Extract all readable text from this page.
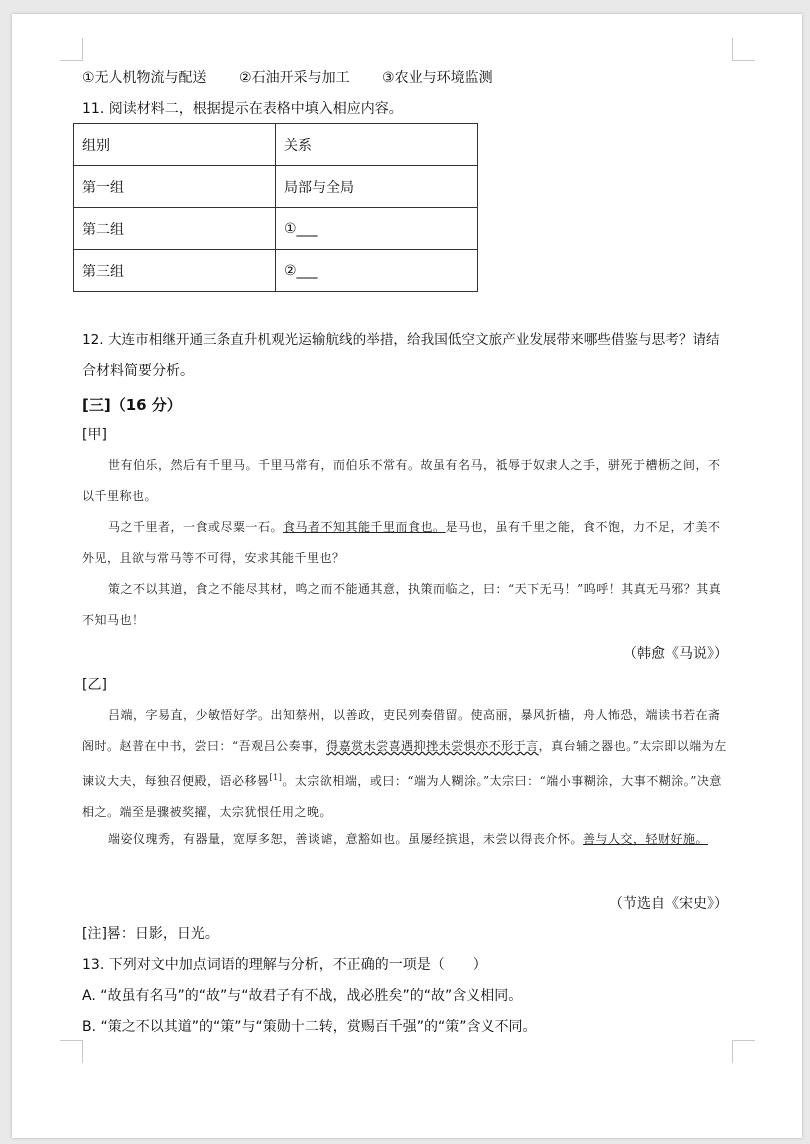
①无人机物流与配送 ②石油开采与加工 ③农业与环境监测
11. 阅读材料二，根据提示在表格中填入相应内容。
组别	关系
第一组	局部与全局
第二组	①___
第三组	②___
12. 大连市相继开通三条直升机观光运输航线的举措，给我国低空文旅产业发展带来哪些借鉴与思考？请结
合材料简要分析。
[三]（16 分）
[甲]
世有伯乐，然后有千里马。千里马常有，而伯乐不常有。故虽有名马，祗辱于奴隶人之手，骈死于槽枥之间，不以千里称也。
马之千里者，一食或尽粟一石。食马者不知其能千里而食也。是马也，虽有千里之能，食不饱，力不足，才美不外见，且欲与常马等不可得，安求其能千里也？
策之不以其道，食之不能尽其材，鸣之而不能通其意，执策而临之，曰：“天下无马！”呜呼！其真无马邪？其真不知马也！
（韩愈《马说》）
[乙]
吕端，字易直，少敏悟好学。出知蔡州，以善政，吏民列奏借留。使高丽，暴风折樯，舟人怖恐，端读书若在斋阁时。赵普在中书，尝曰：“吾观吕公奏事，得嘉赏未尝喜遇抑挫未尝惧亦不形于言，真台辅之器也。”太宗即以端为左谏议大夫，每独召便殿，语必移晷[1]。太宗欲相端，或曰：“端为人糊涂。”太宗曰：“端小事糊涂，大事不糊涂。”决意相之。端至是骤被奖擢，太宗犹恨任用之晚。
端姿仪瑰秀，有器量，宽厚多恕，善谈谑，意豁如也。虽屡经摈退，未尝以得丧介怀。善与人交，轻财好施。
（节选自《宋史》）
[注]晷：日影，日光。
13. 下列对文中加点词语的理解与分析，不正确的一项是（　　）
A. “故虽有名马”的“故”与“故君子有不战，战必胜矣”的“故”含义相同。
B. “策之不以其道”的“策”与“策勋十二转，赏赐百千强”的“策”含义不同。
